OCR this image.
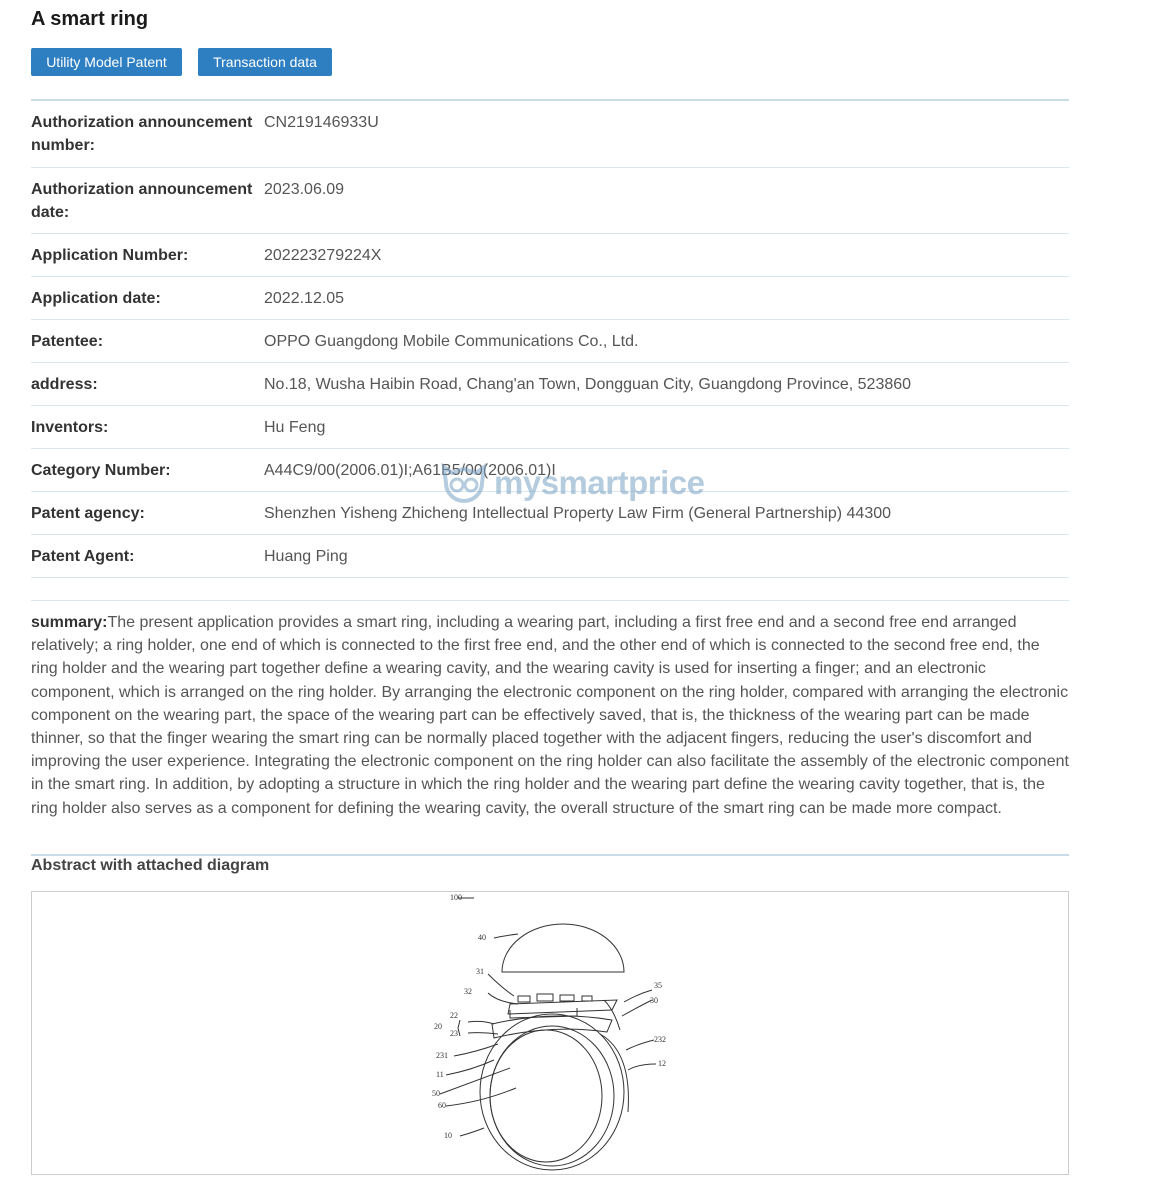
A smart ring
Utility Model Patent	Transaction data
Authorization announcement number:
CN219146933U
Authorization announcement date:
2023.06.09
Application Number:	202223279224X
Application date:	2022.12.05
Patentee:	OPPO Guangdong Mobile Communications Co., Ltd.
address:	No.18, Wusha Haibin Road, Chang'an Town, Dongguan City, Guangdong Province, 523860
Inventors:	Hu Feng
Category Number:	A44C9/00(2006.01)I;A61B5/00(2006.01)I
Patent agency:	Shenzhen Yisheng Zhicheng Intellectual Property Law Firm (General Partnership) 44300
Patent Agent:	Huang Ping
mysmartprice
summary:The present application provides a smart ring, including a wearing part, including a first free end and a second free end arranged relatively; a ring holder, one end of which is connected to the first free end, and the other end of which is connected to the second free end, the ring holder and the wearing part together define a wearing cavity, and the wearing cavity is used for inserting a finger; and an electronic component, which is arranged on the ring holder. By arranging the electronic component on the ring holder, compared with arranging the electronic component on the wearing part, the space of the wearing part can be effectively saved, that is, the thickness of the wearing part can be made thinner, so that the finger wearing the smart ring can be normally placed together with the adjacent fingers, reducing the user's discomfort and improving the user experience. Integrating the electronic component on the ring holder can also facilitate the assembly of the electronic component in the smart ring. In addition, by adopting a structure in which the ring holder and the wearing part define the wearing cavity together, that is, the ring holder also serves as a component for defining the wearing cavity, the overall structure of the smart ring can be made more compact.
Abstract with attached diagram
100
40
31
35
32
30
22
20
23
232
231
12
11
50
60
10
